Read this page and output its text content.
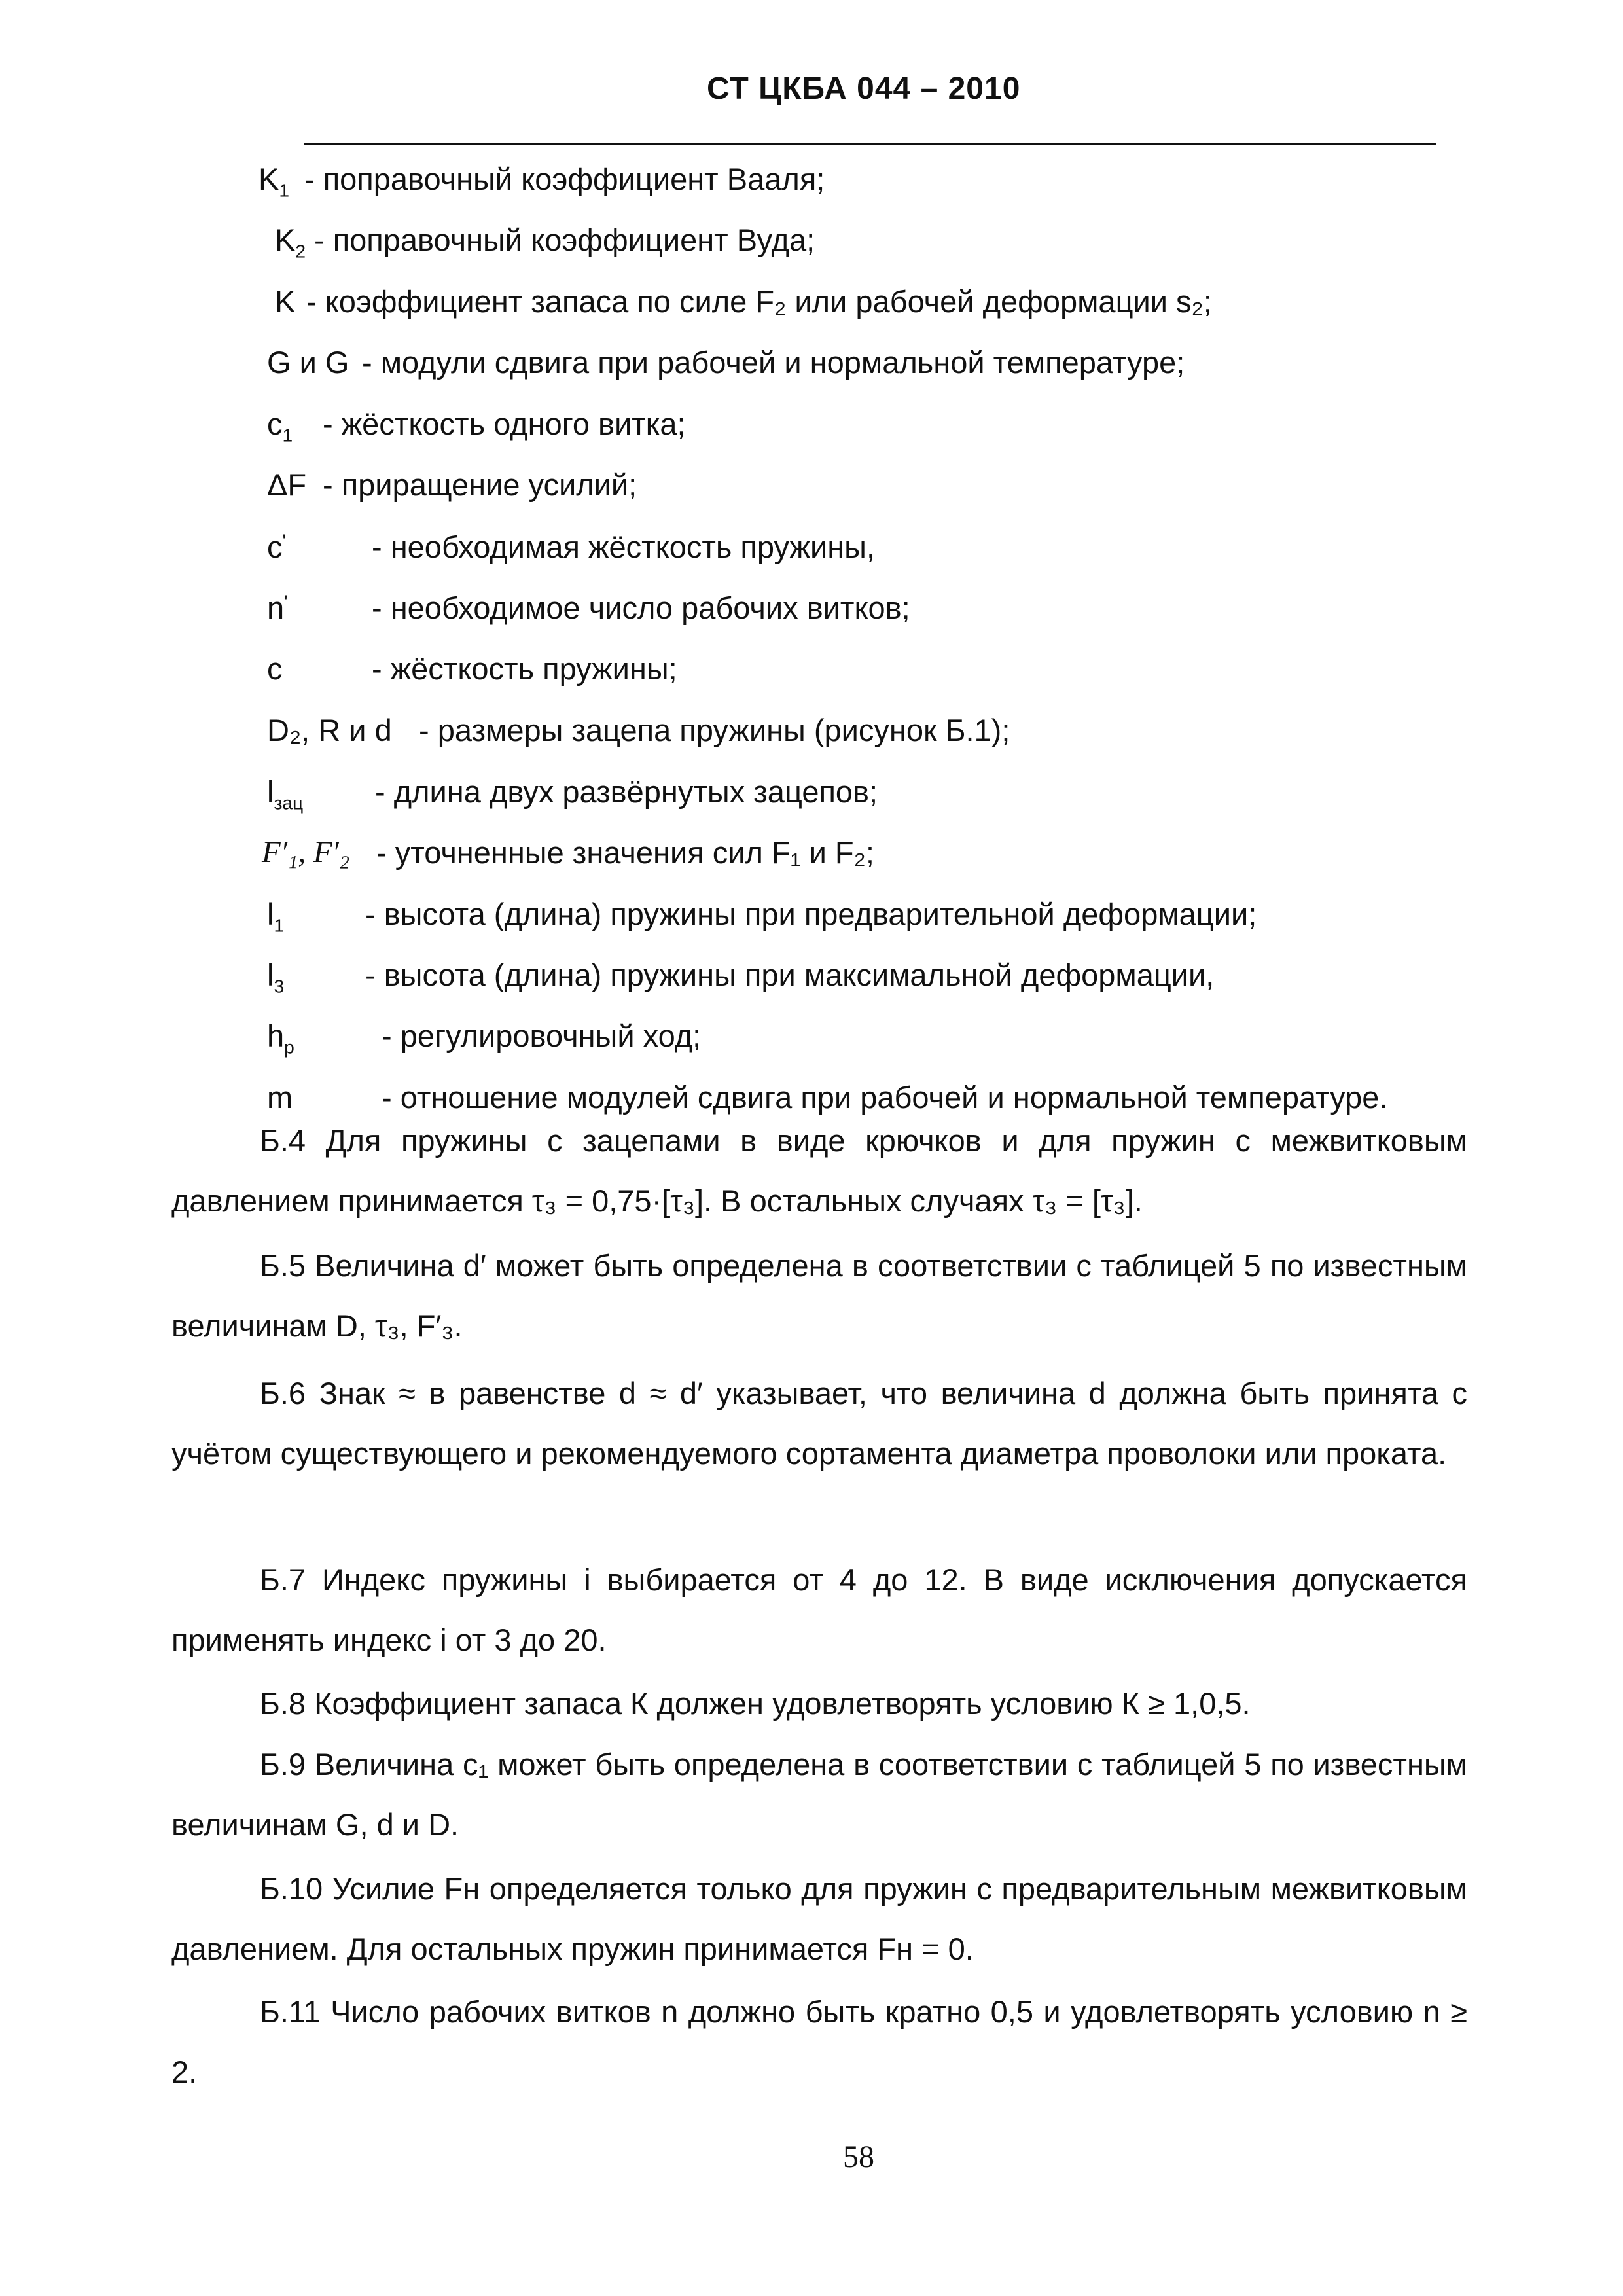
СТ ЦКБА 044 – 2010
$K_1$ - поправочный коэффициент Вааля;
$K_2$ - поправочный коэффициент Вуда;
K - коэффициент запаса по силе F₂ или рабочей деформации s₂;
G и G - модули сдвига при рабочей и нормальной температуре;
$c_1$ - жёсткость одного витка;
ΔF - приращение усилий;
c'	- необходимая жёсткость пружины,
n'	- необходимое число рабочих витков;
c	- жёсткость пружины;
D₂, R и d - размеры зацепа пружины (рисунок Б.1);
$l_{зац}$ - длина двух развёрнутых зацепов;
F′₁, F′₂ - уточненные значения сил F₁ и F₂;
$l_1$	- высота (длина) пружины при предварительной деформации;
$l_3$	- высота (длина) пружины при максимальной деформации,
$h_p$	- регулировочный ход;
m	- отношение модулей сдвига при рабочей и нормальной температуре.

Б.4 Для пружины с зацепами в виде крючков и для пружин с межвитковым давлением принимается τ₃ = 0,75·[τ₃]. В остальных случаях τ₃ = [τ₃].

Б.5 Величина d′ может быть определена в соответствии с таблицей 5 по известным величинам D, τ₃, F′₃.

Б.6 Знак ≈ в равенстве d ≈ d′ указывает, что величина d должна быть принята с учётом существующего и рекомендуемого сортамента диаметра проволоки или проката.

Б.7 Индекс пружины i выбирается от 4 до 12. В виде исключения допускается применять индекс i от 3 до 20.

Б.8 Коэффициент запаса К должен удовлетворять условию К ≥ 1,0,5.

Б.9 Величина c₁ может быть определена в соответствии с таблицей 5 по известным величинам G, d и D.

Б.10 Усилие Fн определяется только для пружин с предварительным межвитковым давлением. Для остальных пружин принимается Fн = 0.

Б.11 Число рабочих витков n должно быть кратно 0,5 и удовлетворять условию n ≥ 2.

58
